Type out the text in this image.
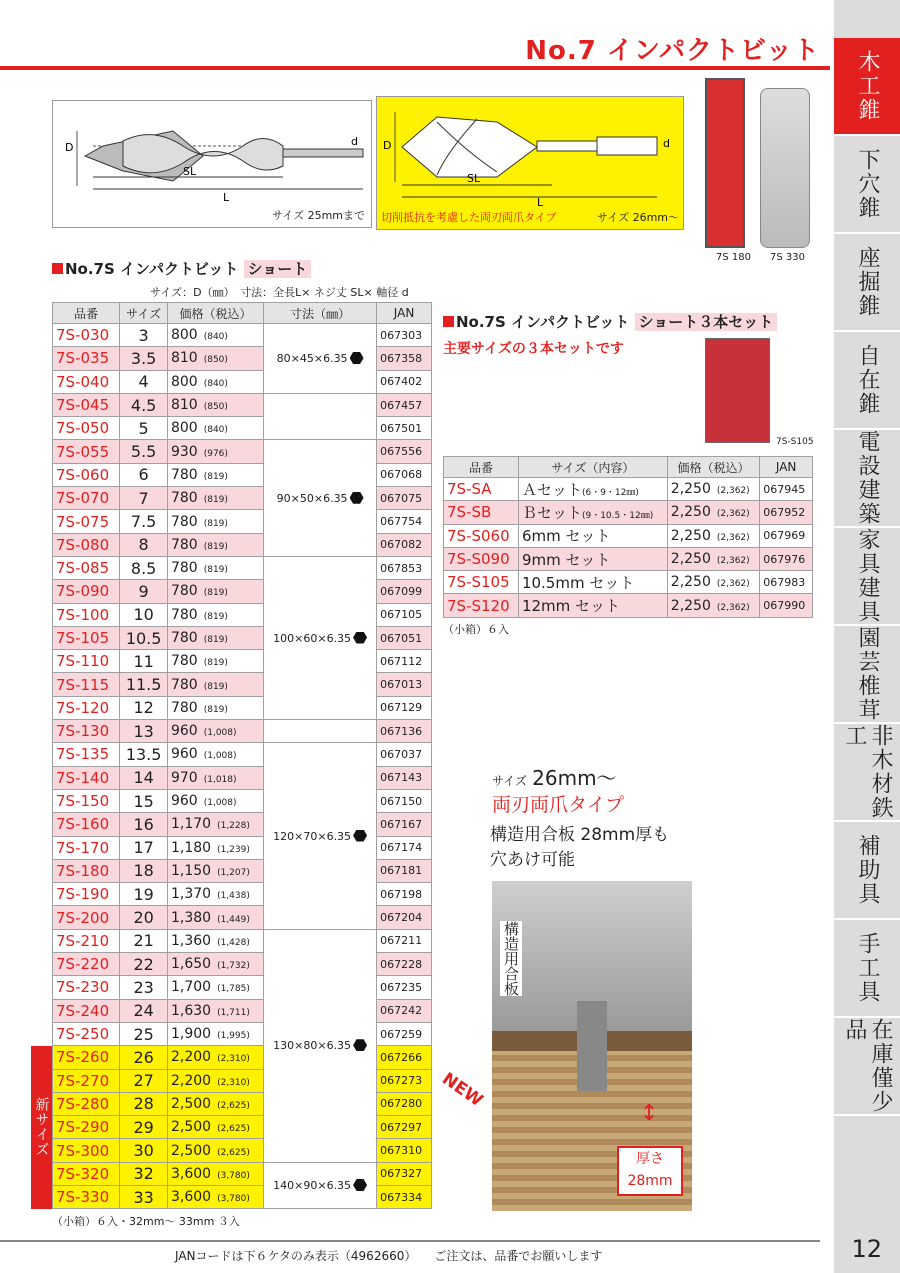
No.7 インパクトビット	木工錐
下穴錐
座掘錐
自在錐
電設建築
家具建具
園芸椎茸
非木材鉄工
補助具
手工具
在庫僅少品
12
D
SL
L
d
サイズ 25mmまで
D
SL
L
d
切削抵抗を考慮した両刃両爪タイプ	サイズ 26mm～
7S 180 7S 330
No.7S インパクトビット ショート
サイズ：D（㎜）　寸法：全長L× ネジ丈 SL× 軸径 d
品番	サイズ	価格（税込）	寸法（㎜）	JAN
7S-030	3	800 (840)	80×45×6.35	067303
7S-035	3.5	810 (850)		067358
7S-040	4	800 (840)		067402
7S-045	4.5	810 (850)		067457
7S-050	5	800 (840)		067501
7S-055	5.5	930 (976)	90×50×6.35	067556
7S-060	6	780 (819)		067068
7S-070	7	780 (819)		067075
7S-075	7.5	780 (819)		067754
7S-080	8	780 (819)		067082
7S-085	8.5	780 (819)	100×60×6.35	067853
7S-090	9	780 (819)		067099
7S-100	10	780 (819)		067105
7S-105	10.5	780 (819)		067051
7S-110	11	780 (819)		067112
7S-115	11.5	780 (819)		067013
7S-120	12	780 (819)		067129
7S-130	13	960 (1,008)		067136
7S-135	13.5	960 (1,008)	120×70×6.35	067037
7S-140	14	970 (1,018)		067143
7S-150	15	960 (1,008)		067150
7S-160	16	1,170 (1,228)		067167
7S-170	17	1,180 (1,239)		067174
7S-180	18	1,150 (1,207)		067181
7S-190	19	1,370 (1,438)		067198
7S-200	20	1,380 (1,449)		067204
7S-210	21	1,360 (1,428)	130×80×6.35	067211
7S-220	22	1,650 (1,732)		067228
7S-230	23	1,700 (1,785)		067235
7S-240	24	1,630 (1,711)		067242
7S-250	25	1,900 (1,995)		067259
7S-260	26	2,200 (2,310)		067266
7S-270	27	2,200 (2,310)		067273
7S-280	28	2,500 (2,625)		067280
7S-290	29	2,500 (2,625)		067297
7S-300	30	2,500 (2,625)		067310
7S-320	32	3,600 (3,780)	140×90×6.35	067327
7S-330	33	3,600 (3,780)		067334
新サイズ
（小箱）６入・32mm～ 33mm ３入
No.7S インパクトビット ショート３本セット
主要サイズの３本セットです
7S-S105
品番	サイズ（内容）	価格（税込）	JAN
7S-SA	Ａセット(6・9・12㎜)	2,250 (2,362)	067945
7S-SB	Ｂセット(9・10.5・12㎜)	2,250 (2,362)	067952
7S-S060	6mm セット	2,250 (2,362)	067969
7S-S090	9mm セット	2,250 (2,362)	067976
7S-S105	10.5mm セット	2,250 (2,362)	067983
7S-S120	12mm セット	2,250 (2,362)	067990
（小箱）６入
サイズ 26mm～
両刃両爪タイプ
構造用合板 28mm厚も
穴あけ可能
構造用合板
厚さ
28mm
↕
NEW
JANコードは下６ケタのみ表示（4962660）　　ご注文は、品番でお願いします
